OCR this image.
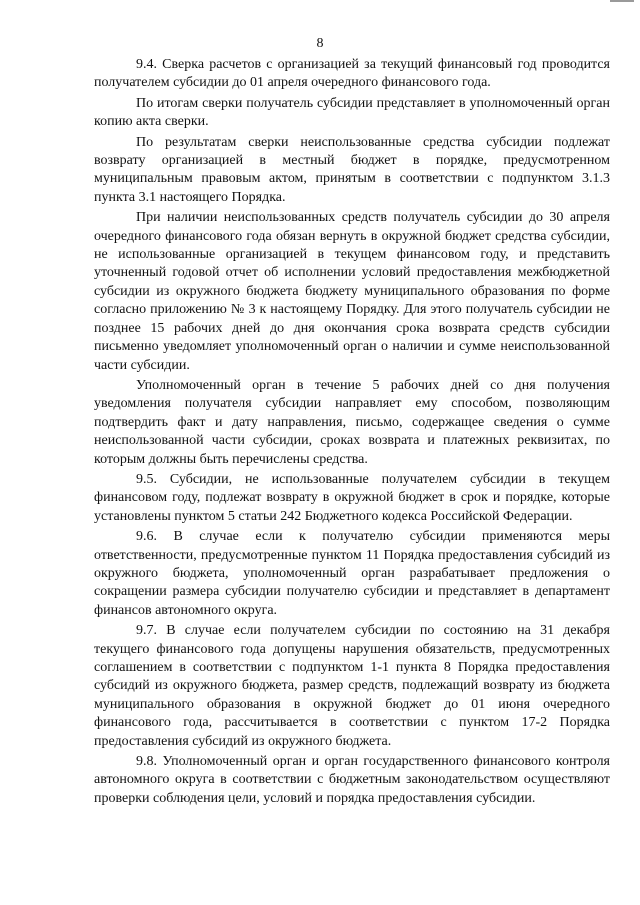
8

9.4. Сверка расчетов с организацией за текущий финансовый год проводится получателем субсидии до 01 апреля очередного финансового года.

По итогам сверки получатель субсидии представляет в уполномоченный орган копию акта сверки.

По результатам сверки неиспользованные средства субсидии подлежат возврату организацией в местный бюджет в порядке, предусмотренном муниципальным правовым актом, принятым в соответствии с подпунктом 3.1.3 пункта 3.1 настоящего Порядка.

При наличии неиспользованных средств получатель субсидии до 30 апреля очередного финансового года обязан вернуть в окружной бюджет средства субсидии, не использованные организацией в текущем финансовом году, и представить уточненный годовой отчет об исполнении условий предоставления межбюджетной субсидии из окружного бюджета бюджету муниципального образования по форме согласно приложению № 3 к настоящему Порядку. Для этого получатель субсидии не позднее 15 рабочих дней до дня окончания срока возврата средств субсидии письменно уведомляет уполномоченный орган о наличии и сумме неиспользованной части субсидии.

Уполномоченный орган в течение 5 рабочих дней со дня получения уведомления получателя субсидии направляет ему способом, позволяющим подтвердить факт и дату направления, письмо, содержащее сведения о сумме неиспользованной части субсидии, сроках возврата и платежных реквизитах, по которым должны быть перечислены средства.

9.5. Субсидии, не использованные получателем субсидии в текущем финансовом году, подлежат возврату в окружной бюджет в срок и порядке, которые установлены пунктом 5 статьи 242 Бюджетного кодекса Российской Федерации.

9.6. В случае если к получателю субсидии применяются меры ответственности, предусмотренные пунктом 11 Порядка предоставления субсидий из окружного бюджета, уполномоченный орган разрабатывает предложения о сокращении размера субсидии получателю субсидии и представляет в департамент финансов автономного округа.

9.7. В случае если получателем субсидии по состоянию на 31 декабря текущего финансового года допущены нарушения обязательств, предусмотренных соглашением в соответствии с подпунктом 1-1 пункта 8 Порядка предоставления субсидий из окружного бюджета, размер средств, подлежащий возврату из бюджета муниципального образования в окружной бюджет до 01 июня очередного финансового года, рассчитывается в соответствии с пунктом 17-2 Порядка предоставления субсидий из окружного бюджета.

9.8. Уполномоченный орган и орган государственного финансового контроля автономного округа в соответствии с бюджетным законодательством осуществляют проверки соблюдения цели, условий и порядка предоставления субсидии.
